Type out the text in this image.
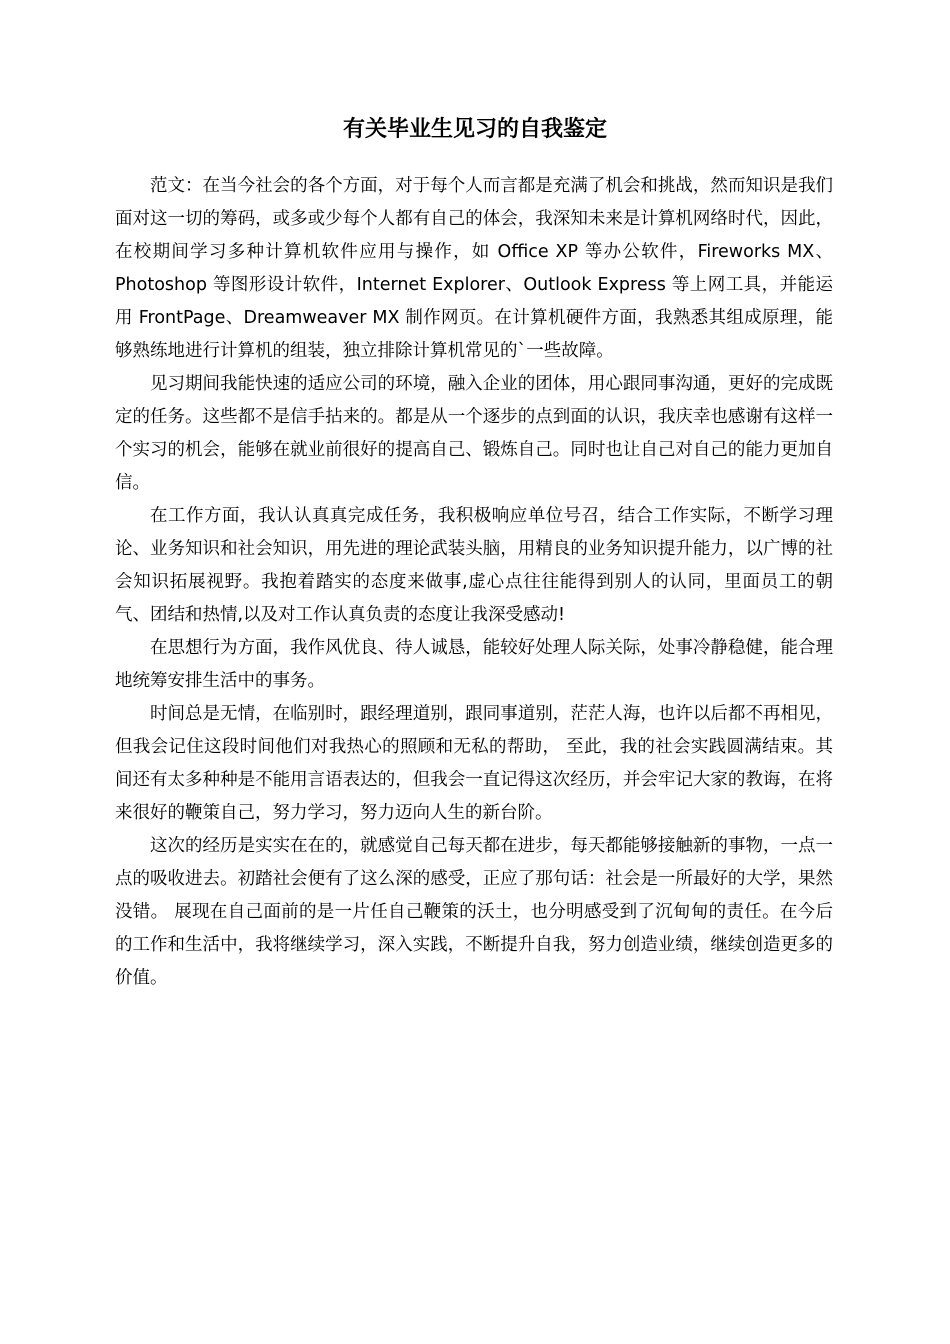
有关毕业生见习的自我鉴定

范文：在当今社会的各个方面，对于每个人而言都是充满了机会和挑战，然而知识是我们面对这一切的筹码，或多或少每个人都有自己的体会，我深知未来是计算机网络时代，因此，在校期间学习多种计算机软件应用与操作，如 Office XP 等办公软件，Fireworks MX、Photoshop 等图形设计软件，Internet Explorer、Outlook Express 等上网工具，并能运用 FrontPage、Dreamweaver MX 制作网页。在计算机硬件方面，我熟悉其组成原理，能够熟练地进行计算机的组装，独立排除计算机常见的`一些故障。

见习期间我能快速的适应公司的环境，融入企业的团体，用心跟同事沟通，更好的完成既定的任务。这些都不是信手拈来的。都是从一个逐步的点到面的认识，我庆幸也感谢有这样一个实习的机会，能够在就业前很好的提高自己、锻炼自己。同时也让自己对自己的能力更加自信。

在工作方面，我认认真真完成任务，我积极响应单位号召，结合工作实际，不断学习理论、业务知识和社会知识，用先进的理论武装头脑，用精良的业务知识提升能力，以广博的社会知识拓展视野。我抱着踏实的态度来做事,虚心点往往能得到别人的认同，里面员工的朝气、团结和热情,以及对工作认真负责的态度让我深受感动!

在思想行为方面，我作风优良、待人诚恳，能较好处理人际关际，处事冷静稳健，能合理地统筹安排生活中的事务。

时间总是无情，在临别时，跟经理道别，跟同事道别，茫茫人海，也许以后都不再相见，但我会记住这段时间他们对我热心的照顾和无私的帮助， 至此，我的社会实践圆满结束。其间还有太多种种是不能用言语表达的，但我会一直记得这次经历，并会牢记大家的教诲，在将来很好的鞭策自己，努力学习，努力迈向人生的新台阶。

这次的经历是实实在在的，就感觉自己每天都在进步，每天都能够接触新的事物，一点一点的吸收进去。初踏社会便有了这么深的感受，正应了那句话：社会是一所最好的大学，果然没错。 展现在自己面前的是一片任自己鞭策的沃土，也分明感受到了沉甸甸的责任。在今后的工作和生活中，我将继续学习，深入实践，不断提升自我，努力创造业绩，继续创造更多的价值。
